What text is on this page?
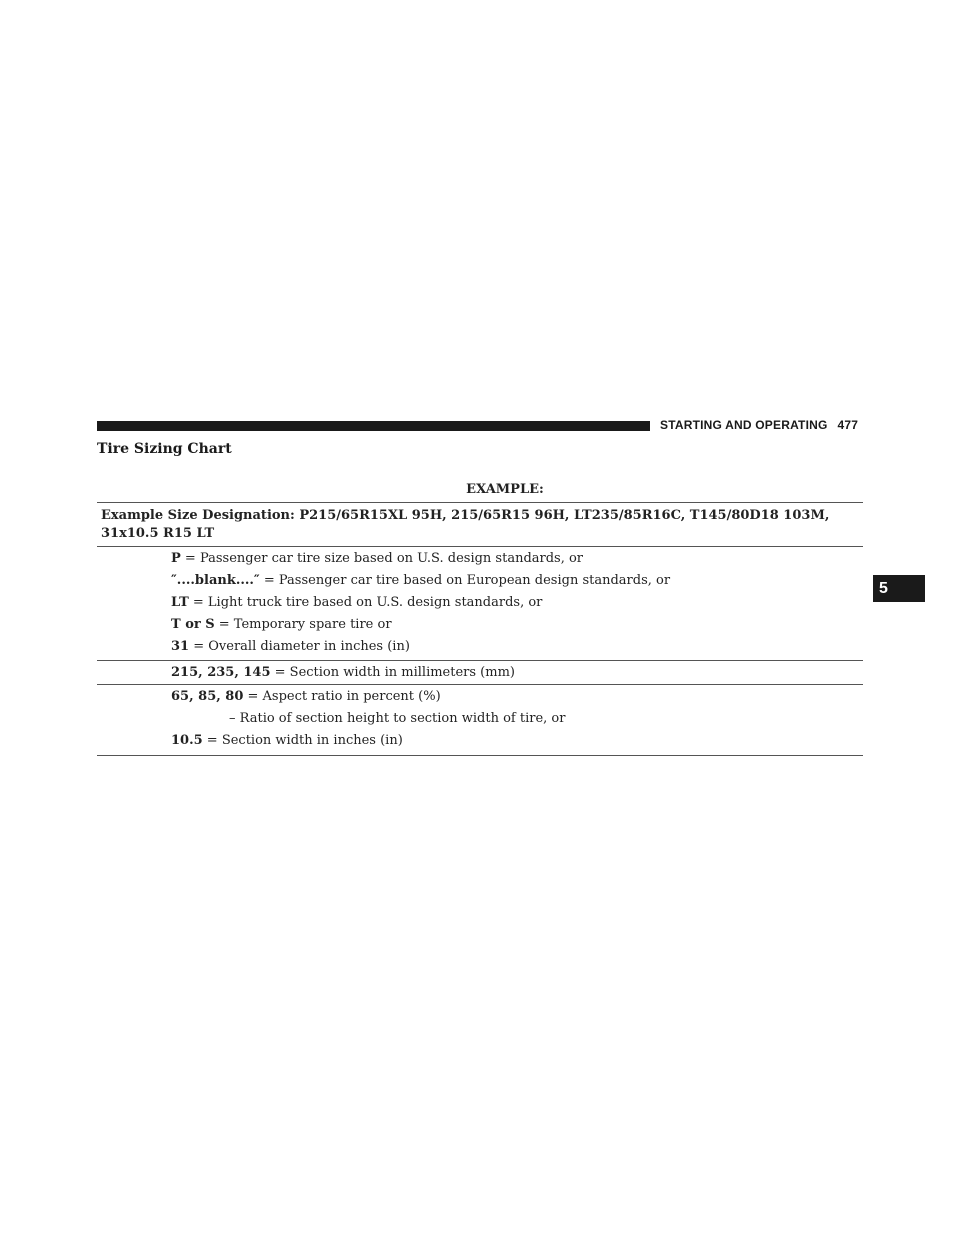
STARTING AND OPERATING 477
5
Tire Sizing Chart
EXAMPLE:
Example Size Designation: P215/65R15XL 95H, 215/65R15 96H, LT235/85R16C, T145/80D18 103M, 31x10.5 R15 LT
P = Passenger car tire size based on U.S. design standards, or
″....blank....″ = Passenger car tire based on European design standards, or
LT = Light truck tire based on U.S. design standards, or
T or S = Temporary spare tire or
31 = Overall diameter in inches (in)
215, 235, 145 = Section width in millimeters (mm)
65, 85, 80 = Aspect ratio in percent (%)
– Ratio of section height to section width of tire, or
10.5 = Section width in inches (in)
